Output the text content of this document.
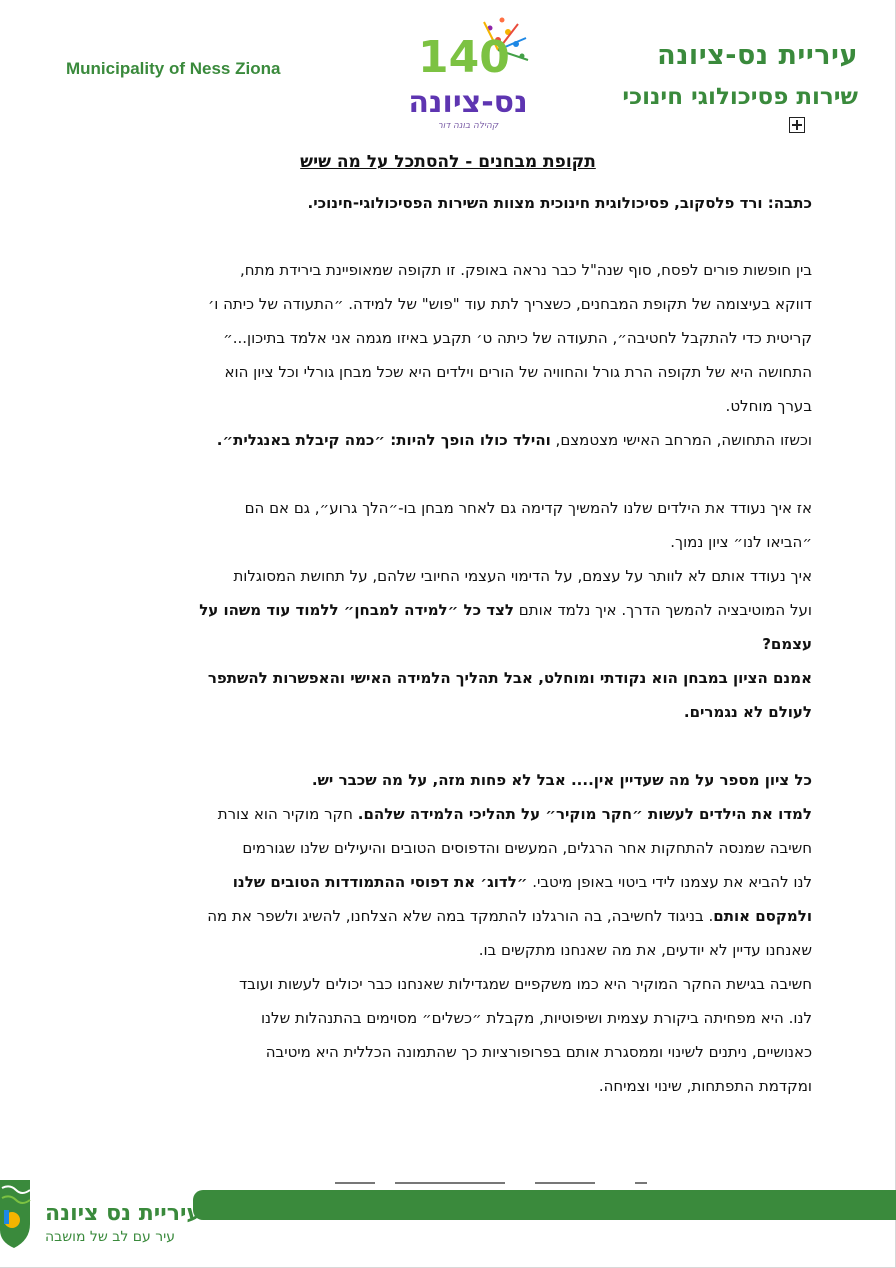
Municipality of Ness Ziona	140
נס-ציונה
קהילה בונה דור
עיריית נס-ציונה
שירות פסיכולוגי חינוכי
תקופת מבחנים - להסתכל על מה שיש
כתבה: ורד פלסקוב, פסיכולוגית חינוכית מצוות השירות הפסיכולוגי-חינוכי.

בין חופשות פורים לפסח, סוף שנה"ל כבר נראה באופק. זו תקופה שמאופיינת בירידת מתח,

דווקא בעיצומה של תקופת המבחנים, כשצריך לתת עוד "פוש" של למידה. ״התעודה של כיתה ו׳

קריטית כדי להתקבל לחטיבה״, התעודה של כיתה ט׳ תקבע באיזו מגמה אני אלמד בתיכון...״

התחושה היא של תקופה הרת גורל והחוויה של הורים וילדים היא שכל מבחן גורלי וכל ציון הוא

בערך מוחלט.

וכשזו התחושה, המרחב האישי מצטמצם, והילד כולו הופך להיות: ״כמה קיבלת באנגלית״.

אז איך נעודד את הילדים שלנו להמשיך קדימה גם לאחר מבחן בו-״הלך גרוע״, גם אם הם

״הביאו לנו״ ציון נמוך.

איך נעודד אותם לא לוותר על עצמם, על הדימוי העצמי החיובי שלהם, על תחושת המסוגלות

ועל המוטיבציה להמשך הדרך. איך נלמד אותם לצד כל ״למידה למבחן״ ללמוד עוד משהו על

עצמם?

אמנם הציון במבחן הוא נקודתי ומוחלט, אבל תהליך הלמידה האישי והאפשרות להשתפר

לעולם לא נגמרים.

כל ציון מספר על מה שעדיין אין.... אבל לא פחות מזה, על מה שכבר יש.

למדו את הילדים לעשות ״חקר מוקיר״ על תהליכי הלמידה שלהם. חקר מוקיר הוא צורת

חשיבה שמנסה להתחקות אחר הרגלים, המעשים והדפוסים הטובים והיעילים שלנו שגורמים

לנו להביא את עצמנו לידי ביטוי באופן מיטבי. ״לדוג׳ את דפוסי ההתמודדות הטובים שלנו

ולמקסם אותם. בניגוד לחשיבה, בה הורגלנו להתמקד במה שלא הצלחנו, להשיג ולשפר את מה

שאנחנו עדיין לא יודעים, את מה שאנחנו מתקשים בו.

חשיבה בגישת החקר המוקיר היא כמו משקפיים שמגדילות שאנחנו כבר יכולים לעשות ועובד

לנו. היא מפחיתה ביקורת עצמית ושיפוטיות, מקבלת ״כשלים״ מסוימים בהתנהלות שלנו

כאנושיים, ניתנים לשינוי וממסגרת אותם בפרופורציות כך שהתמונה הכללית היא מיטיבה

ומקדמת התפתחות, שינוי וצמיחה.

עיריית נס ציונה
עיר עם לב של מושבה
